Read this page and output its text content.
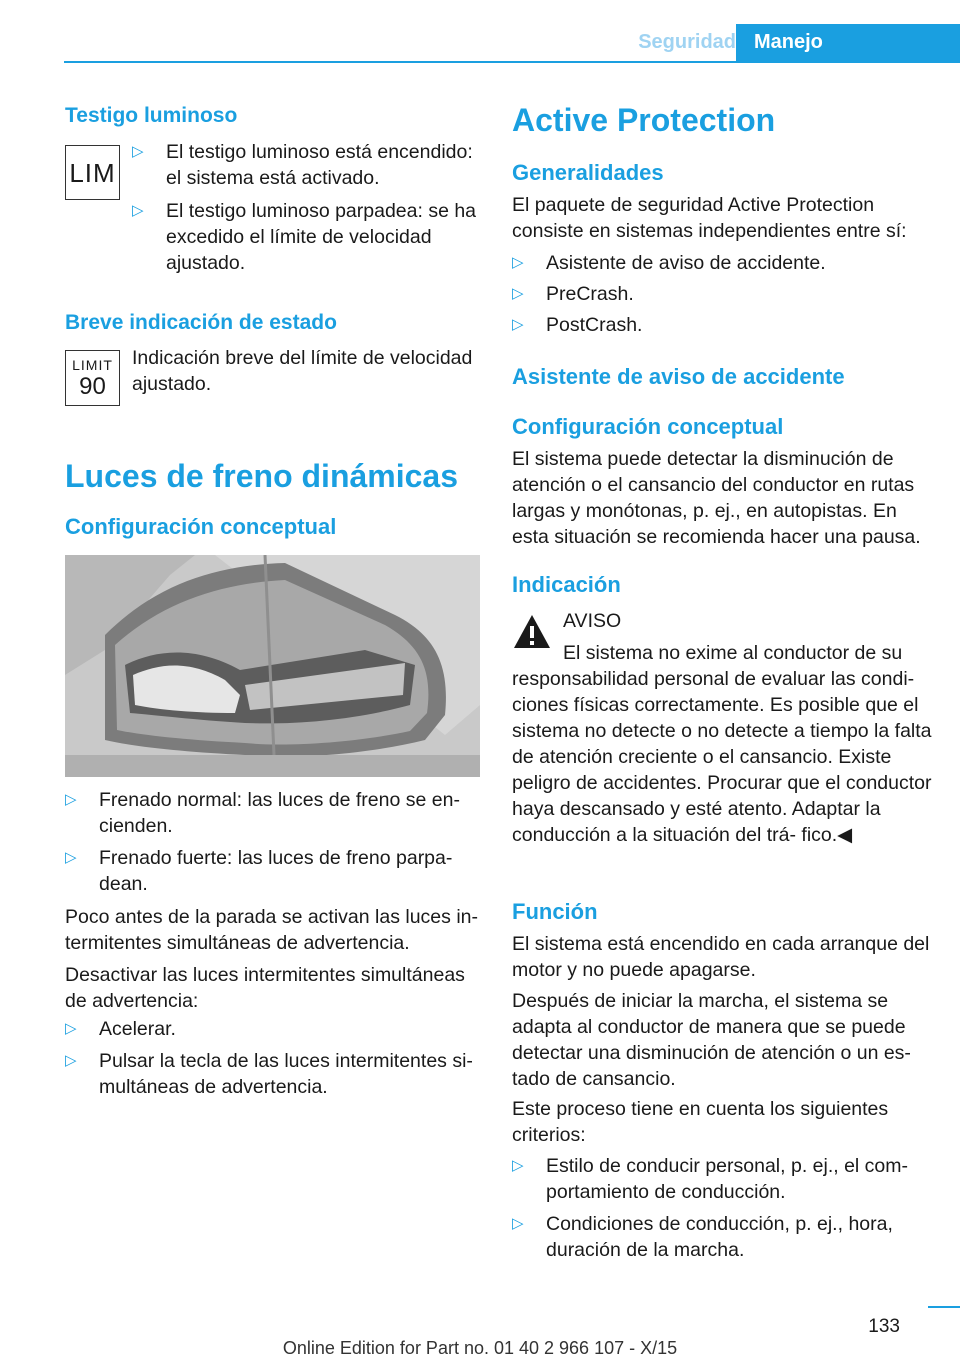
Seguridad Manejo
Testigo luminoso
LIM
▷ El testigo luminoso está encendido: el sistema está activado.
▷ El testigo luminoso parpadea: se ha excedido el límite de velocidad ajustado.
Breve indicación de estado
LIMIT
90
Indicación breve del límite de velocidad ajustado.
Luces de freno dinámicas
Configuración conceptual
▷ Frenado normal: las luces de freno se en‐ cienden.
▷ Frenado fuerte: las luces de freno parpa‐ dean.
Poco antes de la parada se activan las luces in‐ termitentes simultáneas de advertencia.
Desactivar las luces intermitentes simultáneas de advertencia:
▷ Acelerar.
▷ Pulsar la tecla de las luces intermitentes si‐ multáneas de advertencia.
Active Protection
Generalidades
El paquete de seguridad Active Protection consiste en sistemas independientes entre sí:
▷ Asistente de aviso de accidente.
▷ PreCrash.
▷ PostCrash.
Asistente de aviso de accidente
Configuración conceptual
El sistema puede detectar la disminución de atención o el cansancio del conductor en rutas largas y monótonas, p. ej., en autopistas. En esta situación se recomienda hacer una pausa.
Indicación
AVISO
El sistema no exime al conductor de su responsabilidad personal de evaluar las condi‐ ciones físicas correctamente. Es posible que el sistema no detecte o no detecte a tiempo la falta de atención creciente o el cansancio. Existe peligro de accidentes. Procurar que el conductor haya descansado y esté atento. Adaptar la conducción a la situación del trá‐ fico.◀
Función
El sistema está encendido en cada arranque del motor y no puede apagarse.
Después de iniciar la marcha, el sistema se adapta al conductor de manera que se puede detectar una disminución de atención o un es‐ tado de cansancio.
Este proceso tiene en cuenta los siguientes criterios:
▷ Estilo de conducir personal, p. ej., el com‐ portamiento de conducción.
▷ Condiciones de conducción, p. ej., hora, duración de la marcha.
133
Online Edition for Part no. 01 40 2 966 107 - X/15
